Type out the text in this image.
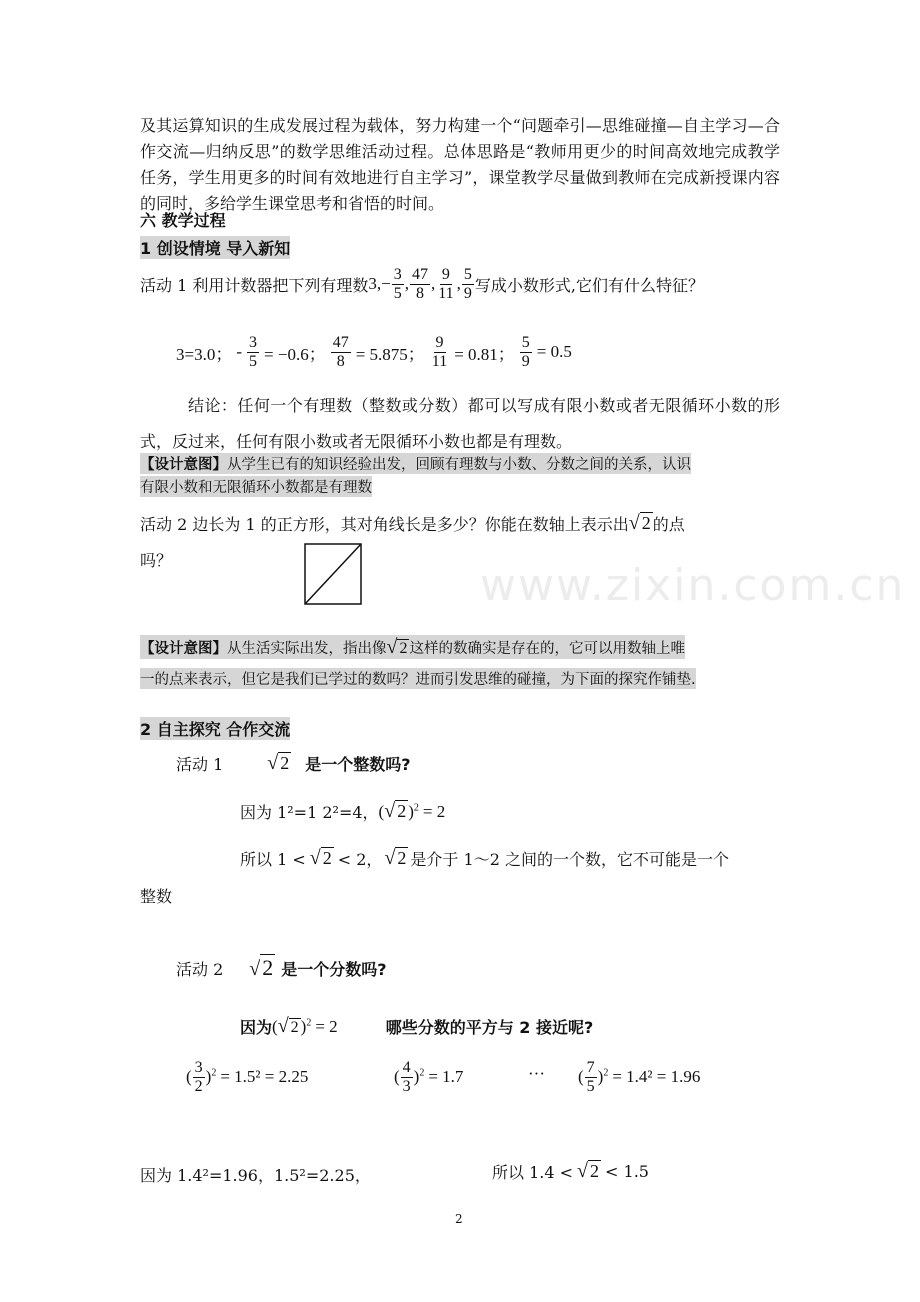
www.zixin.com.cn
及其运算知识的生成发展过程为载体，努力构建一个“问题牵引—思维碰撞—自主学习—合作交流—归纳反思”的数学思维活动过程。总体思路是“教师用更少的时间高效地完成教学任务，学生用更多的时间有效地进行自主学习”，课堂教学尽量做到教师在完成新授课内容的同时，多给学生课堂思考和省悟的时间。
六 教学过程
1 创设情境 导入新知
活动 1 利用计数器把下列有理数 $3,- \frac{3}{5}$ , $\frac{47}{8}$ , $\frac{9}{11}$ , $\frac{5}{9}$ 写成小数形式,它们有什么特征？
3=3.0； - $\frac{3}{5} = -0.6$； $\frac{47}{8} = 5.875$； $\frac{9}{11} = 0.81$； $\frac{5}{9} = 0.5$
结论：任何一个有理数（整数或分数）都可以写成有限小数或者无限循环小数的形式，反过来，任何有限小数或者无限循环小数也都是有理数。
【设计意图】从学生已有的知识经验出发，回顾有理数与小数、分数之间的关系，认识
有限小数和无限循环小数都是有理数
活动 2 边长为 1 的正方形，其对角线长是多少？你能在数轴上表示出 √ 2 的点
吗？
【设计意图】 从生活实际出发，指出像 √ 2 这样的数确实是存在的，它可以用数轴上唯
一的点来表示，但它是我们已学过的数吗？进而引发思维的碰撞，为下面的探究作铺垫.
2 自主探究 合作交流
活动 1 √ 2 是一个整数吗?
因为 1²=1 2²=4， ( √ 2 )$^2$ = 2
所以 1 < √ 2 < 2， √ 2 是介于 1～2 之间的一个数，它不可能是一个
整数
活动 2 √2 是一个分数吗?
因为 ( √ 2 )$^2$ = 2	哪些分数的平方与 2 接近呢?
( $\frac{3}{2} )^2 = 1.5^2 = 2.25$	( $\frac{4}{3} )^2 = 1.7$	··· ( $\frac{7}{5} )^2 = 1.4^2 = 1.96$
因为 1.4²=1.96，1.5²=2.25，	所以 1.4 < √ 2 < 1.5
2
